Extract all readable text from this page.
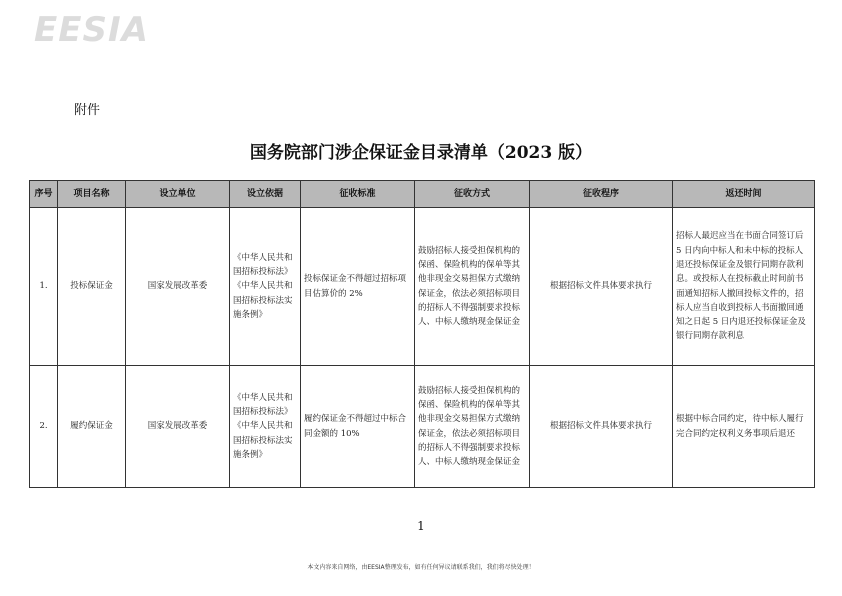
EESIA
附件
国务院部门涉企保证金目录清单（2023 版）
序号	项目名称	设立单位	设立依据	征收标准	征收方式	征收程序	返还时间
1.	投标保证金	国家发展改革委	《中华人民共和国招标投标法》《中华人民共和国招标投标法实施条例》	投标保证金不得超过招标项目估算价的 2%	鼓励招标人接受担保机构的保函、保险机构的保单等其他非现金交易担保方式缴纳保证金，依法必须招标项目的招标人不得强制要求投标人、中标人缴纳现金保证金	根据招标文件具体要求执行	招标人最迟应当在书面合同签订后 5 日内向中标人和未中标的投标人退还投标保证金及银行同期存款利息。或投标人在投标截止时间前书面通知招标人撤回投标文件的，招标人应当自收到投标人书面撤回通知之日起 5 日内退还投标保证金及银行同期存款利息
2.	履约保证金	国家发展改革委	《中华人民共和国招标投标法》《中华人民共和国招标投标法实施条例》	履约保证金不得超过中标合同金额的 10%	鼓励招标人接受担保机构的保函、保险机构的保单等其他非现金交易担保方式缴纳保证金，依法必须招标项目的招标人不得强制要求投标人、中标人缴纳现金保证金	根据招标文件具体要求执行	根据中标合同约定，待中标人履行完合同约定权利义务事项后退还
1
本文内容来自网络，由EESIA整理发布，如有任何异议请联系我们，我们将尽快处理！
